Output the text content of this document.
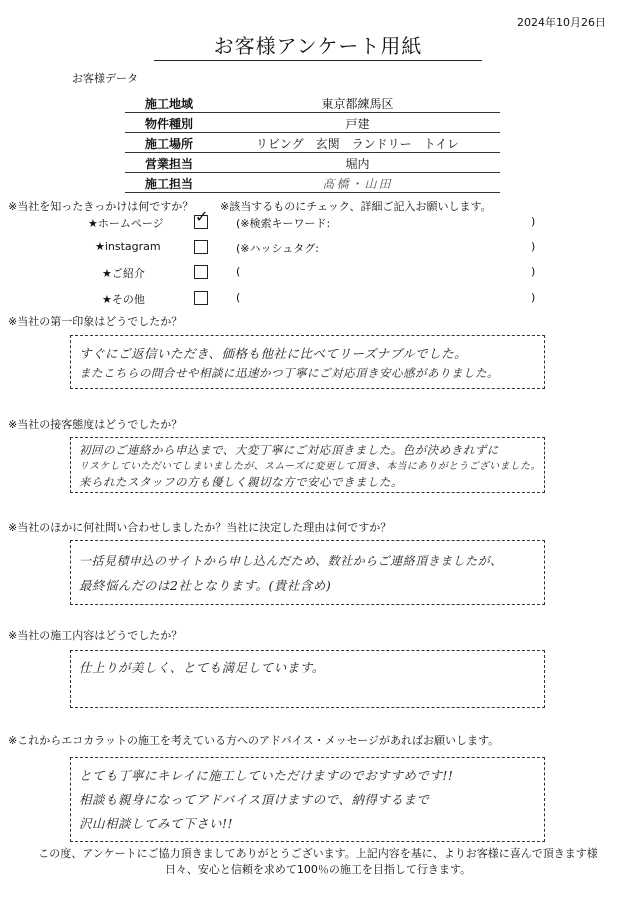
2024年10月26日
お客様アンケート用紙
お客様データ
施工地域	東京都練馬区
物件種別	戸建
施工場所	リビング　玄関　ランドリー　トイレ
営業担当	堀内
施工担当	髙橋・山田
※当社を知ったきっかけは何ですか？ ※該当するものにチェック、詳細ご記入お願いします。
★ホームページ ✓	(※検索キーワード:	)
★instagram	(※ハッシュタグ:	)
★ご紹介	(	)
★その他	(	)
※当社の第一印象はどうでしたか？
すぐにご返信いただき、価格も他社に比べてリーズナブルでした。
またこちらの問合せや相談に迅速かつ丁寧にご対応頂き安心感がありました。
※当社の接客態度はどうでしたか？
初回のご連絡から申込まで、大変丁寧にご対応頂きました。色が決めきれずに
リスケしていただいてしまいましたが、スムーズに変更して頂き、本当にありがとうございました。
来られたスタッフの方も優しく親切な方で安心できました。
※当社のほかに何社問い合わせしましたか？当社に決定した理由は何ですか？
一括見積申込のサイトから申し込んだため、数社からご連絡頂きましたが、
最終悩んだのは2社となります。(貴社含め)
※当社の施工内容はどうでしたか？
仕上りが美しく、とても満足しています。
※これからエコカラットの施工を考えている方へのアドバイス・メッセージがあればお願いします。
とても丁寧にキレイに施工していただけますのでおすすめです!!
相談も親身になってアドバイス頂けますので、納得するまで
沢山相談してみて下さい!!
この度、アンケートにご協力頂きましてありがとうございます。上記内容を基に、よりお客様に喜んで頂きます様
日々、安心と信頼を求めて100％の施工を目指して行きます。
